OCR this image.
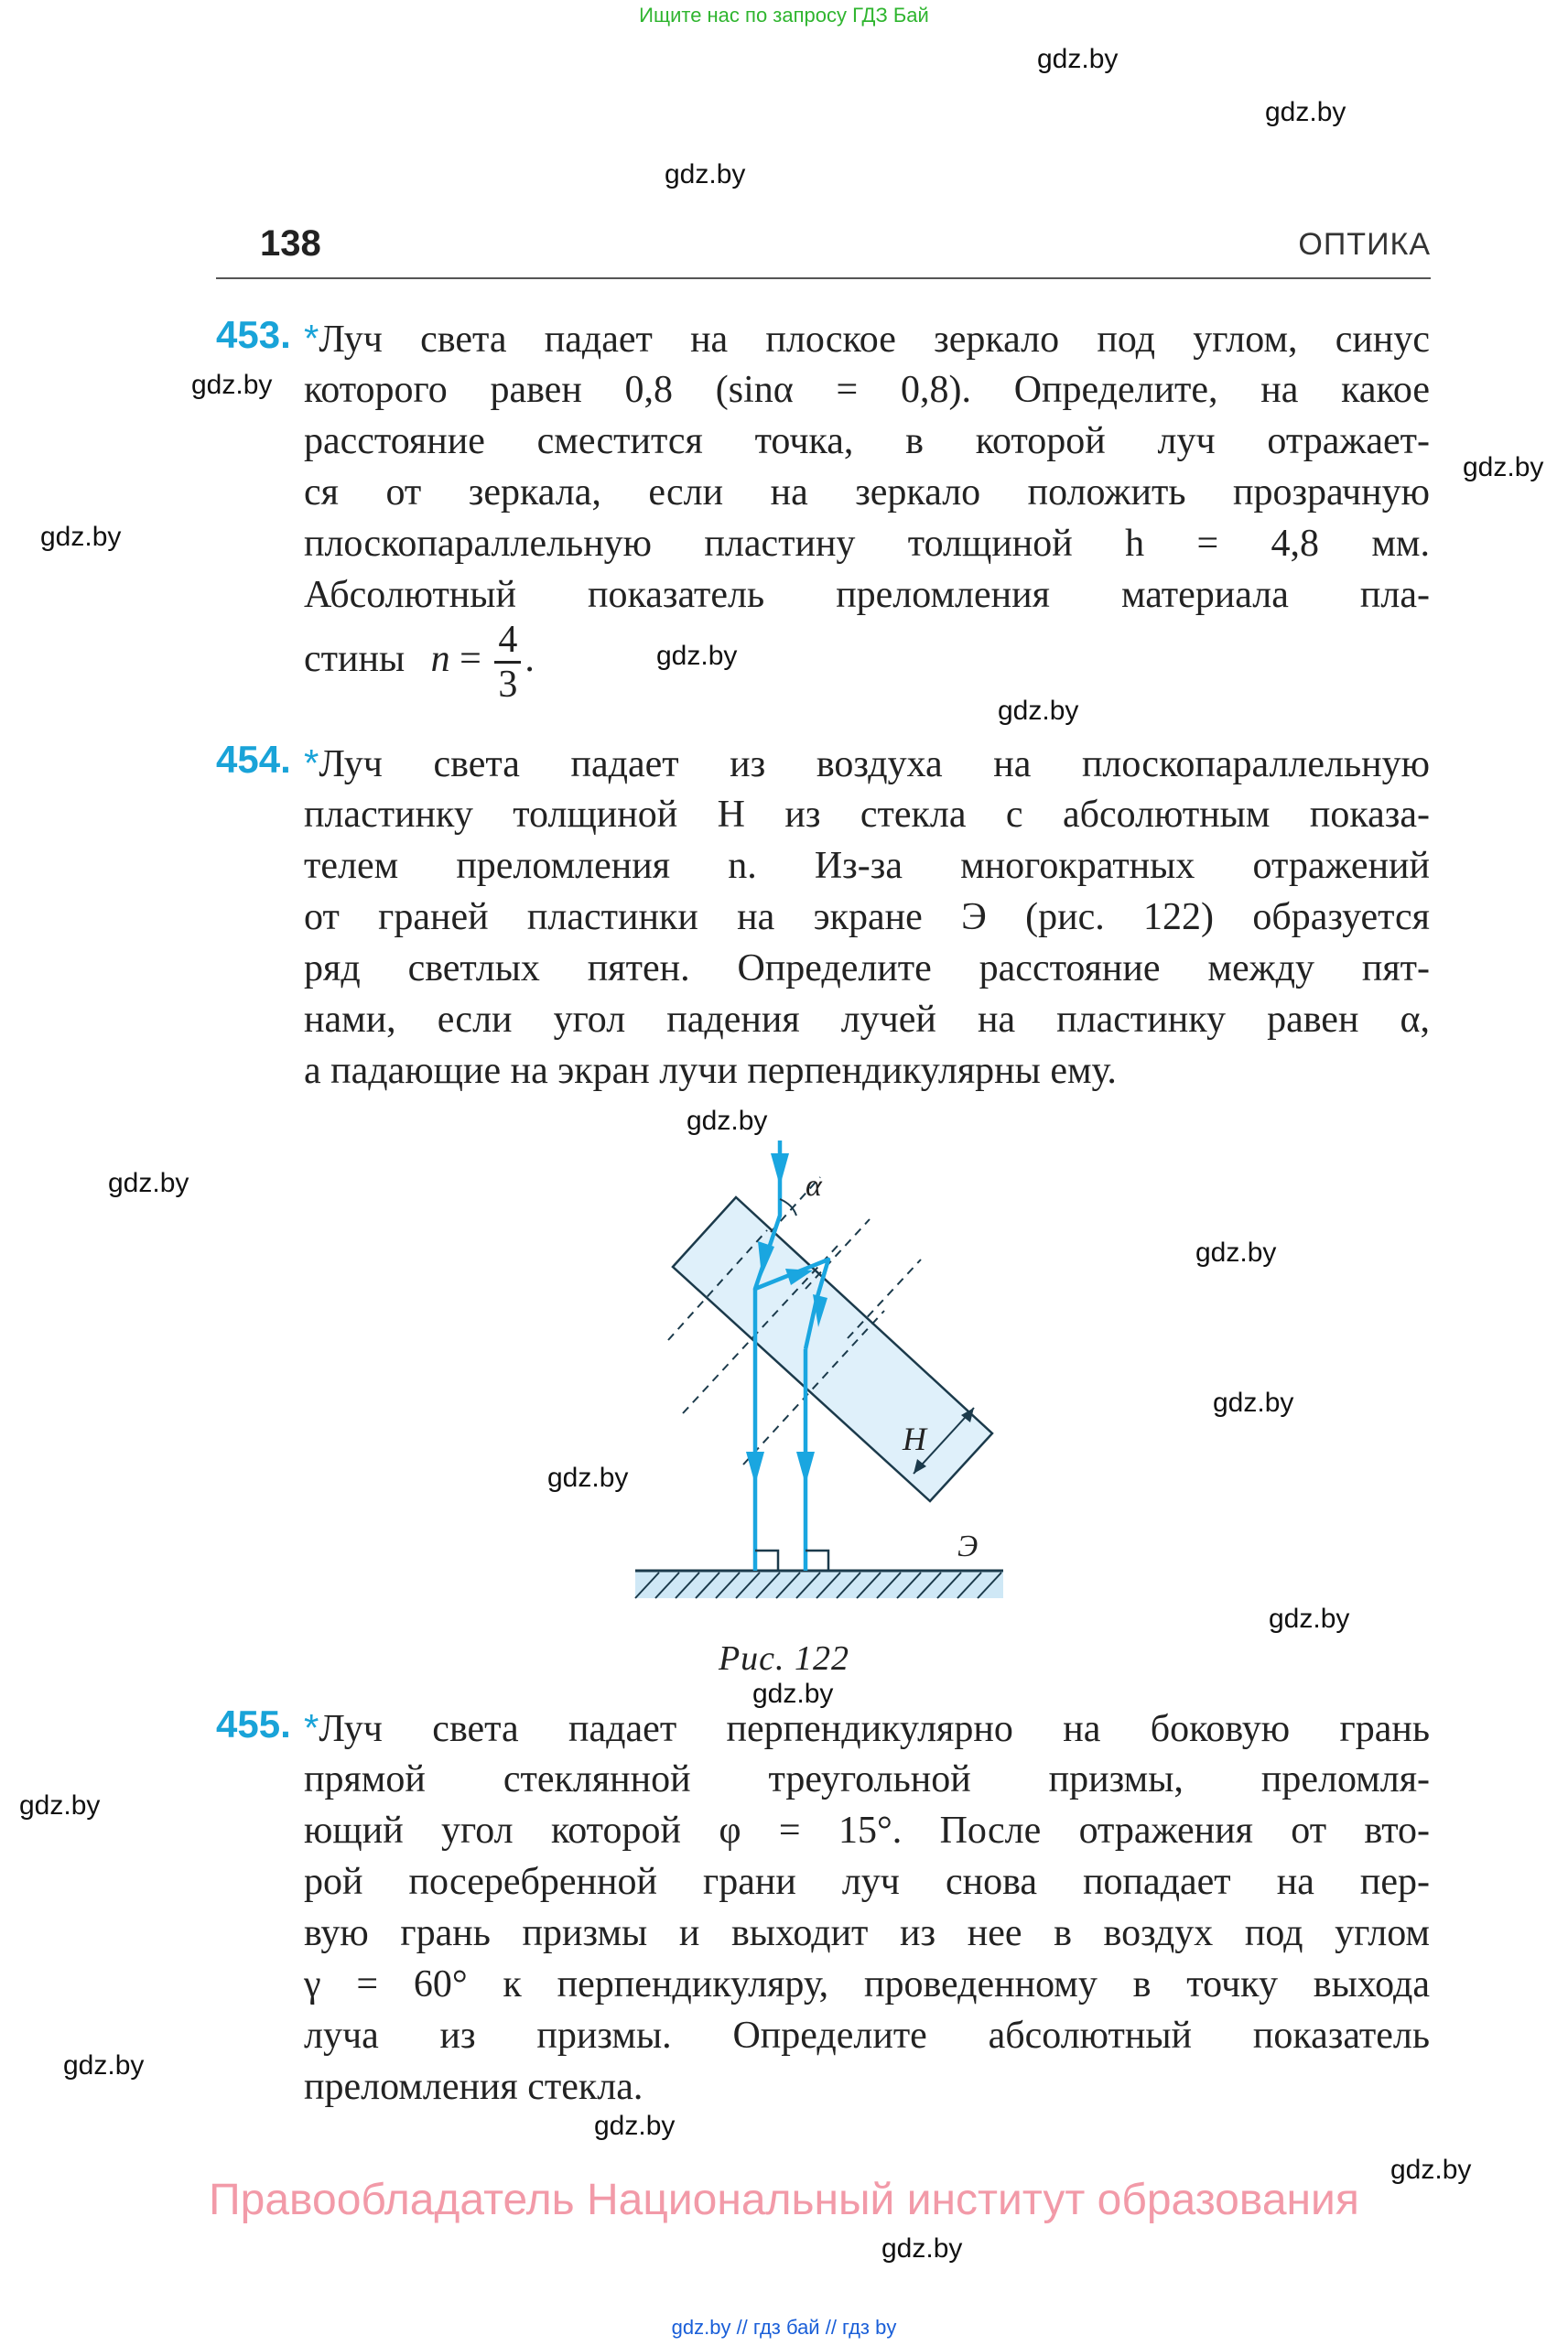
Ищите нас по запросу ГДЗ Бай
gdz.by
gdz.by
gdz.by
gdz.by
gdz.by
gdz.by
gdz.by
gdz.by
gdz.by
gdz.by
gdz.by
gdz.by
gdz.by
gdz.by
gdz.by
gdz.by
gdz.by
gdz.by
gdz.by
gdz.by
138	ОПТИКА
453. *Луч света падает на плоское зеркало под углом, синус
которого равен 0,8 (sinα = 0,8). Определите, на какое
расстояние сместится точка, в которой луч отражает-
ся от зеркала, если на зеркало положить прозрачную
плоскопараллельную пластину толщиной h = 4,8 мм.
Абсолютный показатель преломления материала пла-
стины $n = \frac{4}{3}$ .
454. *Луч света падает из воздуха на плоскопараллельную
пластинку толщиной H из стекла с абсолютным показа-
телем преломления n. Из-за многократных отражений
от граней пластинки на экране Э (рис. 122) образуется
ряд светлых пятен. Определите расстояние между пят-
нами, если угол падения лучей на пластинку равен α,
а падающие на экран лучи перпендикулярны ему.
α
H
Э
Рис. 122
455. *Луч света падает перпендикулярно на боковую грань
прямой стеклянной треугольной призмы, преломля-
ющий угол которой φ = 15°. После отражения от вто-
рой посеребренной грани луч снова попадает на пер-
вую грань призмы и выходит из нее в воздух под углом
γ = 60° к перпендикуляру, проведенному в точку выхода
луча из призмы. Определите абсолютный показатель
преломления стекла.
Правообладатель Национальный институт образования
gdz.by // гдз бай // гдз by
